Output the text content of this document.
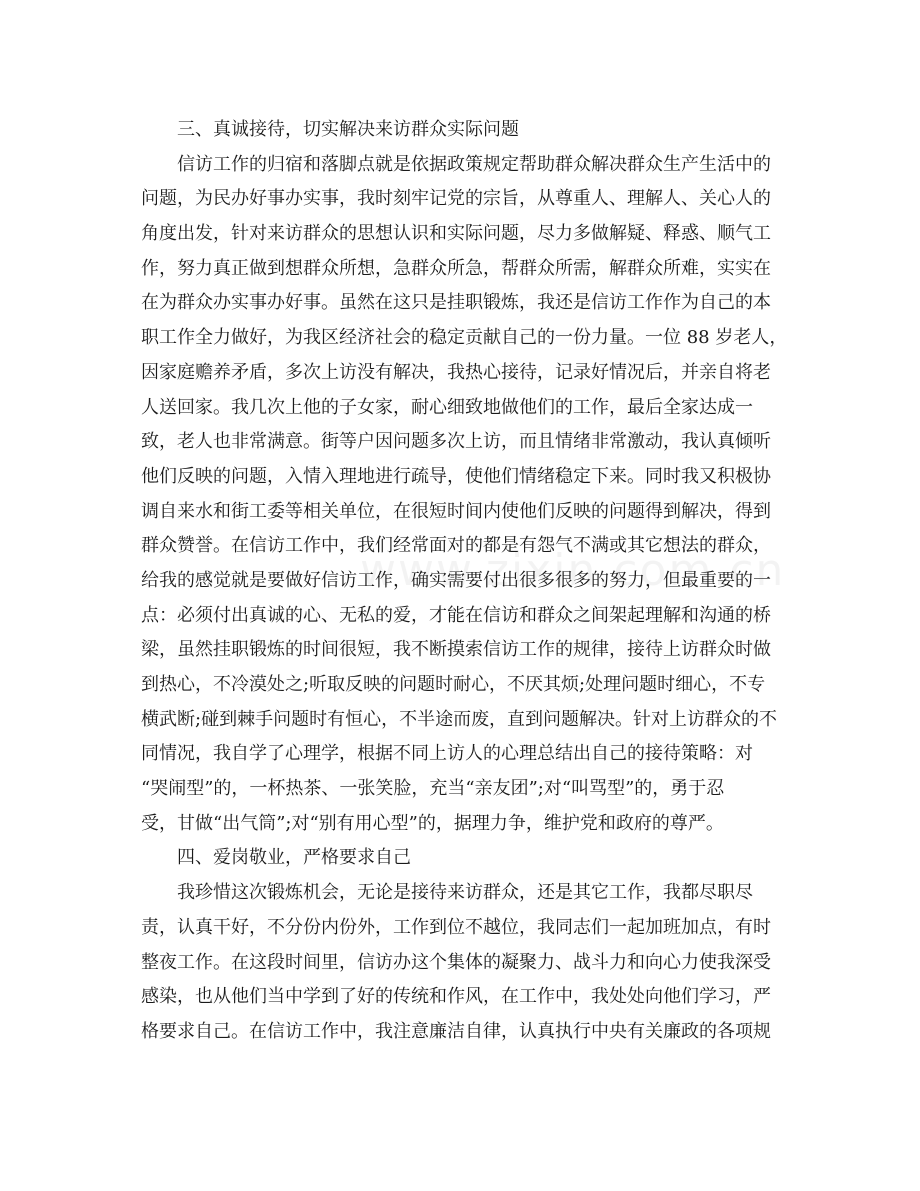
三、真诚接待，切实解决来访群众实际问题
信访工作的归宿和落脚点就是依据政策规定帮助群众解决群众生产生活中的
问题，为民办好事办实事，我时刻牢记党的宗旨，从尊重人、理解人、关心人的
角度出发，针对来访群众的思想认识和实际问题，尽力多做解疑、释惑、顺气工
作，努力真正做到想群众所想，急群众所急，帮群众所需，解群众所难，实实在
在为群众办实事办好事。虽然在这只是挂职锻炼，我还是信访工作作为自己的本
职工作全力做好，为我区经济社会的稳定贡献自己的一份力量。一位 88 岁老人，
因家庭赡养矛盾，多次上访没有解决，我热心接待，记录好情况后，并亲自将老
人送回家。我几次上他的子女家，耐心细致地做他们的工作，最后全家达成一
致，老人也非常满意。街等户因问题多次上访，而且情绪非常激动，我认真倾听
他们反映的问题，入情入理地进行疏导，使他们情绪稳定下来。同时我又积极协
调自来水和街工委等相关单位，在很短时间内使他们反映的问题得到解决，得到
群众赞誉。在信访工作中，我们经常面对的都是有怨气不满或其它想法的群众，
给我的感觉就是要做好信访工作，确实需要付出很多很多的努力，但最重要的一
点：必须付出真诚的心、无私的爱，才能在信访和群众之间架起理解和沟通的桥
梁，虽然挂职锻炼的时间很短，我不断摸索信访工作的规律，接待上访群众时做
到热心，不冷漠处之;听取反映的问题时耐心，不厌其烦;处理问题时细心，不专
横武断;碰到棘手问题时有恒心，不半途而废，直到问题解决。针对上访群众的不
同情况，我自学了心理学，根据不同上访人的心理总结出自己的接待策略：对
“哭闹型”的，一杯热茶、一张笑脸，充当“亲友团”;对“叫骂型”的，勇于忍
受，甘做“出气筒”;对“别有用心型”的，据理力争，维护党和政府的尊严。
四、爱岗敬业，严格要求自己
我珍惜这次锻炼机会，无论是接待来访群众，还是其它工作，我都尽职尽
责，认真干好，不分份内份外，工作到位不越位，我同志们一起加班加点，有时
整夜工作。在这段时间里，信访办这个集体的凝聚力、战斗力和向心力使我深受
感染，也从他们当中学到了好的传统和作风，在工作中，我处处向他们学习，严
格要求自己。在信访工作中，我注意廉洁自律，认真执行中央有关廉政的各项规
